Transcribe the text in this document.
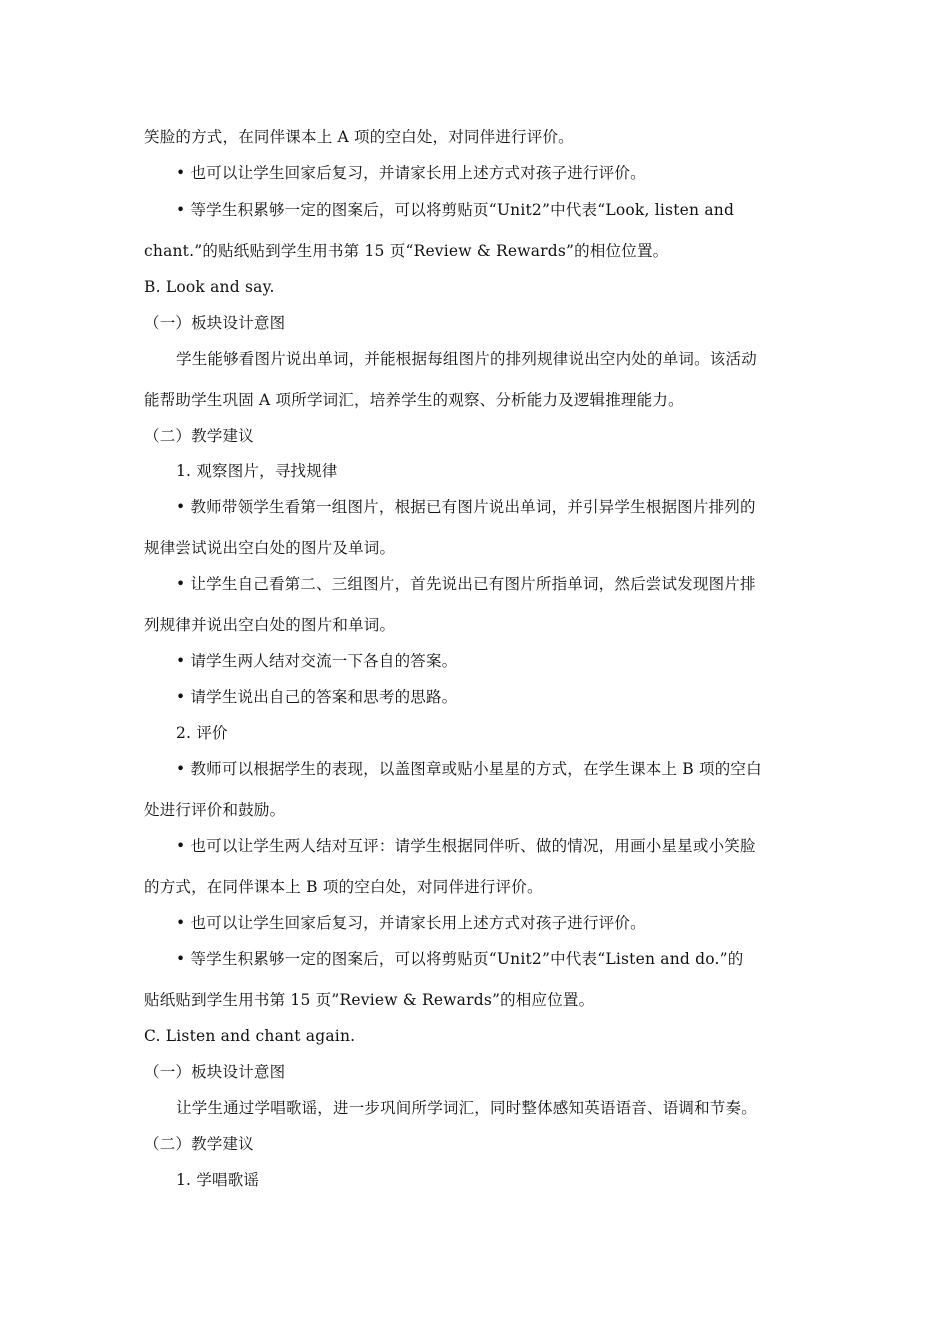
笑脸的方式，在同伴课本上 A 项的空白处，对同伴进行评价。
• 也可以让学生回家后复习，并请家长用上述方式对孩子进行评价。
• 等学生积累够一定的图案后，可以将剪贴页“Unit2”中代表“Look, listen and
chant.”的贴纸贴到学生用书第 15 页“Review & Rewards”的相位位置。
B. Look and say.
（一）板块设计意图
学生能够看图片说出单词，并能根据每组图片的排列规律说出空内处的单词。该活动
能帮助学生巩固 A 项所学词汇，培养学生的观察、分析能力及逻辑推理能力。
（二）教学建议
1. 观察图片，寻找规律
• 教师带领学生看第一组图片，根据已有图片说出单词，并引异学生根据图片排列的
规律尝试说出空白处的图片及单词。
• 让学生自己看第二、三组图片，首先说出已有图片所指单词，然后尝试发现图片排
列规律并说出空白处的图片和单词。
• 请学生两人结对交流一下各自的答案。
• 请学生说出自己的答案和思考的思路。
2. 评价
• 教师可以根据学生的表现，以盖图章或贴小星星的方式，在学生课本上 B 项的空白
处进行评价和鼓励。
• 也可以让学生两人结对互评：请学生根据同伴听、做的情况，用画小星星或小笑脸
的方式，在同伴课本上 B 项的空白处，对同伴进行评价。
• 也可以让学生回家后复习，并请家长用上述方式对孩子进行评价。
• 等学生积累够一定的图案后，可以将剪贴页“Unit2”中代表“Listen and do.”的
贴纸贴到学生用书第 15 页”Review & Rewards”的相应位置。
C. Listen and chant again.
（一）板块设计意图
让学生通过学唱歌谣，进一步巩间所学词汇，同时整体感知英语语音、语调和节奏。
（二）教学建议
1. 学唱歌谣
